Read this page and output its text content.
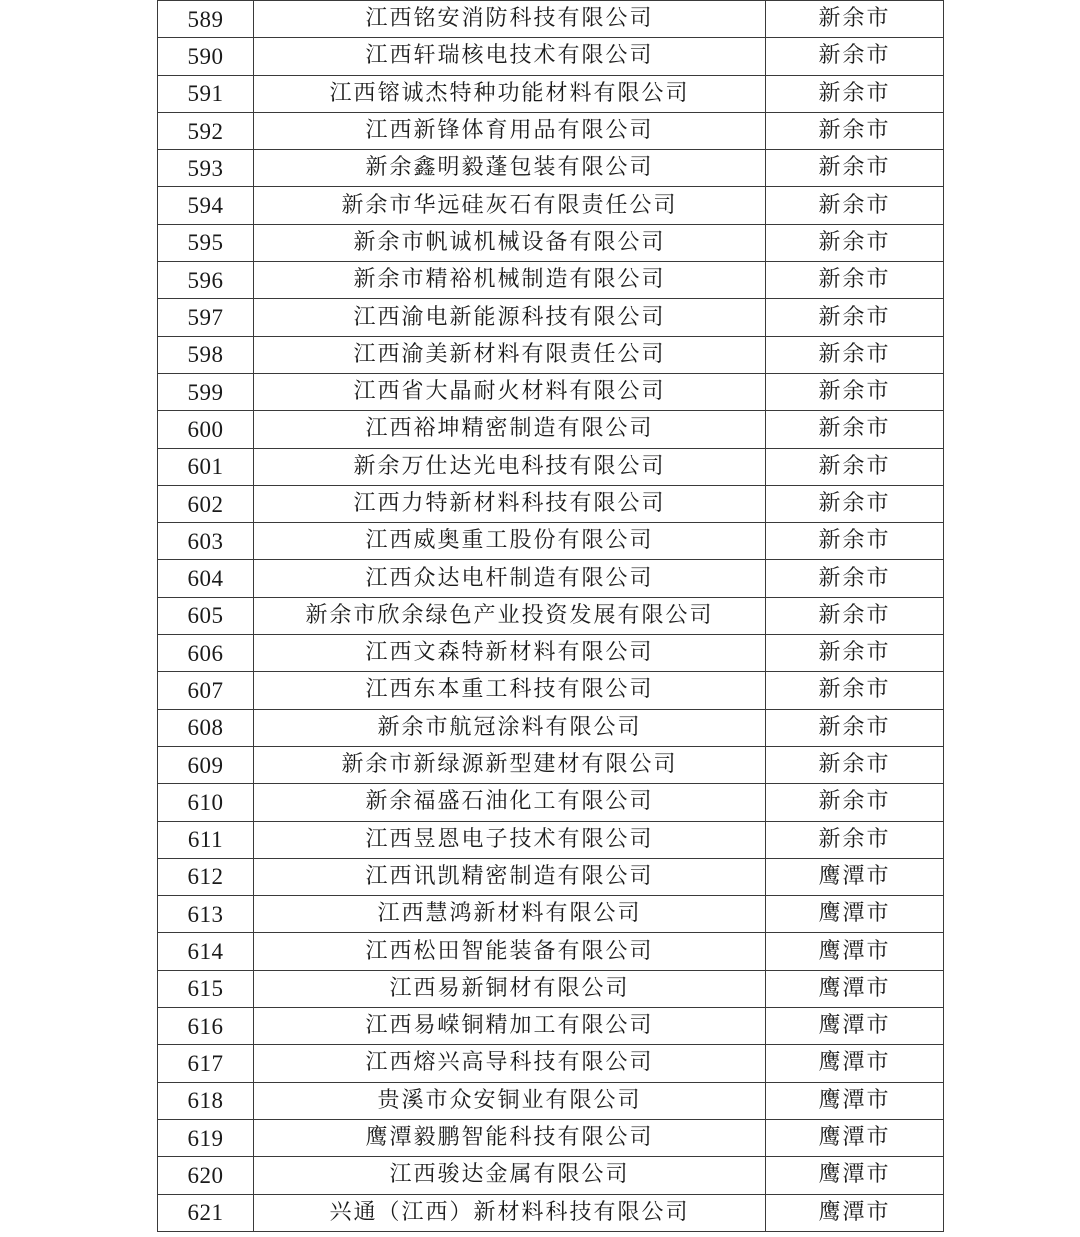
589	江西铭安消防科技有限公司	新余市
590	江西轩瑞核电技术有限公司	新余市
591	江西镕诚杰特种功能材料有限公司	新余市
592	江西新锋体育用品有限公司	新余市
593	新余鑫明毅蓬包装有限公司	新余市
594	新余市华远硅灰石有限责任公司	新余市
595	新余市帆诚机械设备有限公司	新余市
596	新余市精裕机械制造有限公司	新余市
597	江西渝电新能源科技有限公司	新余市
598	江西渝美新材料有限责任公司	新余市
599	江西省大晶耐火材料有限公司	新余市
600	江西裕坤精密制造有限公司	新余市
601	新余万仕达光电科技有限公司	新余市
602	江西力特新材料科技有限公司	新余市
603	江西威奥重工股份有限公司	新余市
604	江西众达电杆制造有限公司	新余市
605	新余市欣余绿色产业投资发展有限公司	新余市
606	江西文森特新材料有限公司	新余市
607	江西东本重工科技有限公司	新余市
608	新余市航冠涂料有限公司	新余市
609	新余市新绿源新型建材有限公司	新余市
610	新余福盛石油化工有限公司	新余市
611	江西昱恩电子技术有限公司	新余市
612	江西讯凯精密制造有限公司	鹰潭市
613	江西慧鸿新材料有限公司	鹰潭市
614	江西松田智能装备有限公司	鹰潭市
615	江西易新铜材有限公司	鹰潭市
616	江西易嵘铜精加工有限公司	鹰潭市
617	江西熔兴高导科技有限公司	鹰潭市
618	贵溪市众安铜业有限公司	鹰潭市
619	鹰潭毅鹏智能科技有限公司	鹰潭市
620	江西骏达金属有限公司	鹰潭市
621	兴通（江西）新材料科技有限公司	鹰潭市
